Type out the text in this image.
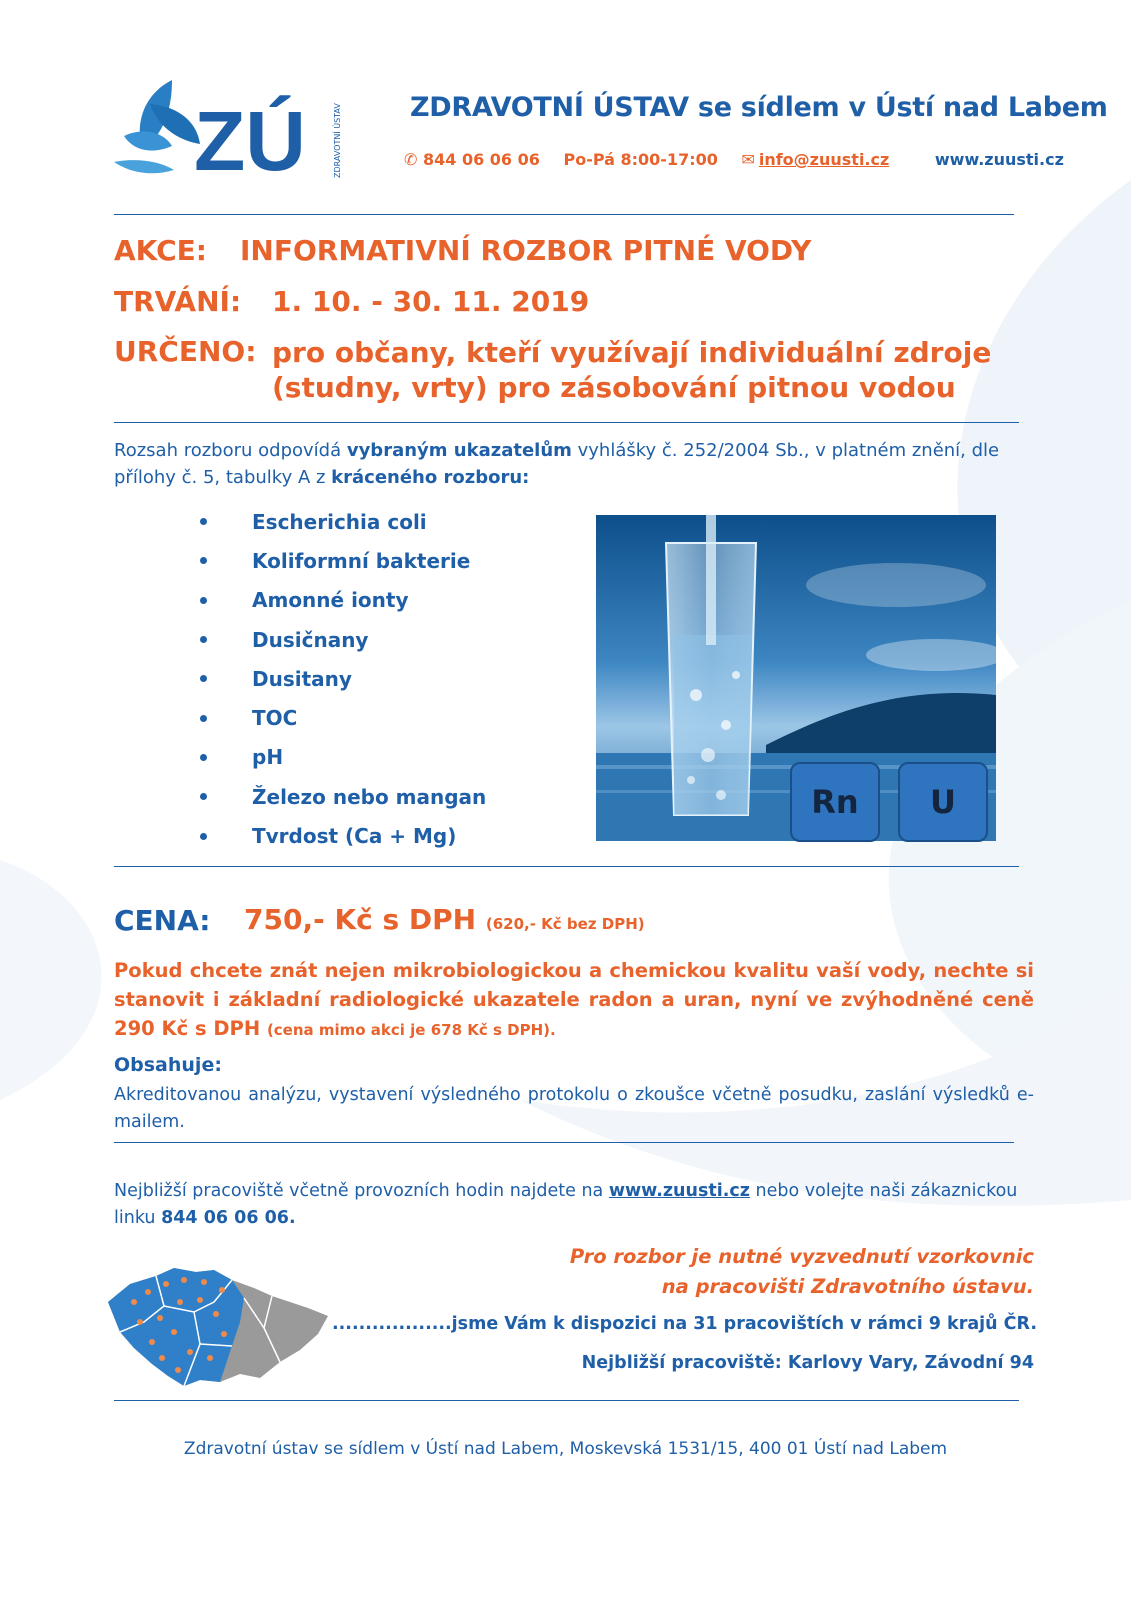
ZÚ	ZDRAVOTNÍ ÚSTAV	ZDRAVOTNÍ ÚSTAV se sídlem v Ústí nad Labem
✆ 844 06 06 06 Po-Pá 8:00-17:00 ✉ info@zuusti.cz	www.zuusti.cz
AKCE: INFORMATIVNÍ ROZBOR PITNÉ VODY
TRVÁNÍ: 1. 10. - 30. 11. 2019
URČENO: pro občany, kteří využívají individuální zdroje
(studny, vrty) pro zásobování pitnou vodou
Rozsah rozboru odpovídá vybraným ukazatelům vyhlášky č. 252/2004 Sb., v platném znění, dle přílohy č. 5, tabulky A z kráceného rozboru:
Escherichia coli
Koliformní bakterie
Amonné ionty
Dusičnany
Dusitany
TOC
pH
Železo nebo mangan
Tvrdost (Ca + Mg)
Rn U
CENA: 750,- Kč s DPH (620,- Kč bez DPH)
Pokud chcete znát nejen mikrobiologickou a chemickou kvalitu vaší vody, nechte si stanovit i základní radiologické ukazatele radon a uran, nyní ve zvýhodněné ceně 290 Kč s DPH (cena mimo akci je 678 Kč s DPH).
Obsahuje:
Akreditovanou analýzu, vystavení výsledného protokolu o zkoušce včetně posudku, zaslání výsledků e-mailem.
Nejbližší pracoviště včetně provozních hodin najdete na www.zuusti.cz nebo volejte naši zákaznickou linku 844 06 06 06.
Pro rozbor je nutné vyzvednutí vzorkovnic
na pracovišti Zdravotního ústavu.
..................jsme Vám k dispozici na 31 pracovištích v rámci 9 krajů ČR.
Nejbližší pracoviště: Karlovy Vary, Závodní 94
Zdravotní ústav se sídlem v Ústí nad Labem, Moskevská 1531/15, 400 01 Ústí nad Labem
